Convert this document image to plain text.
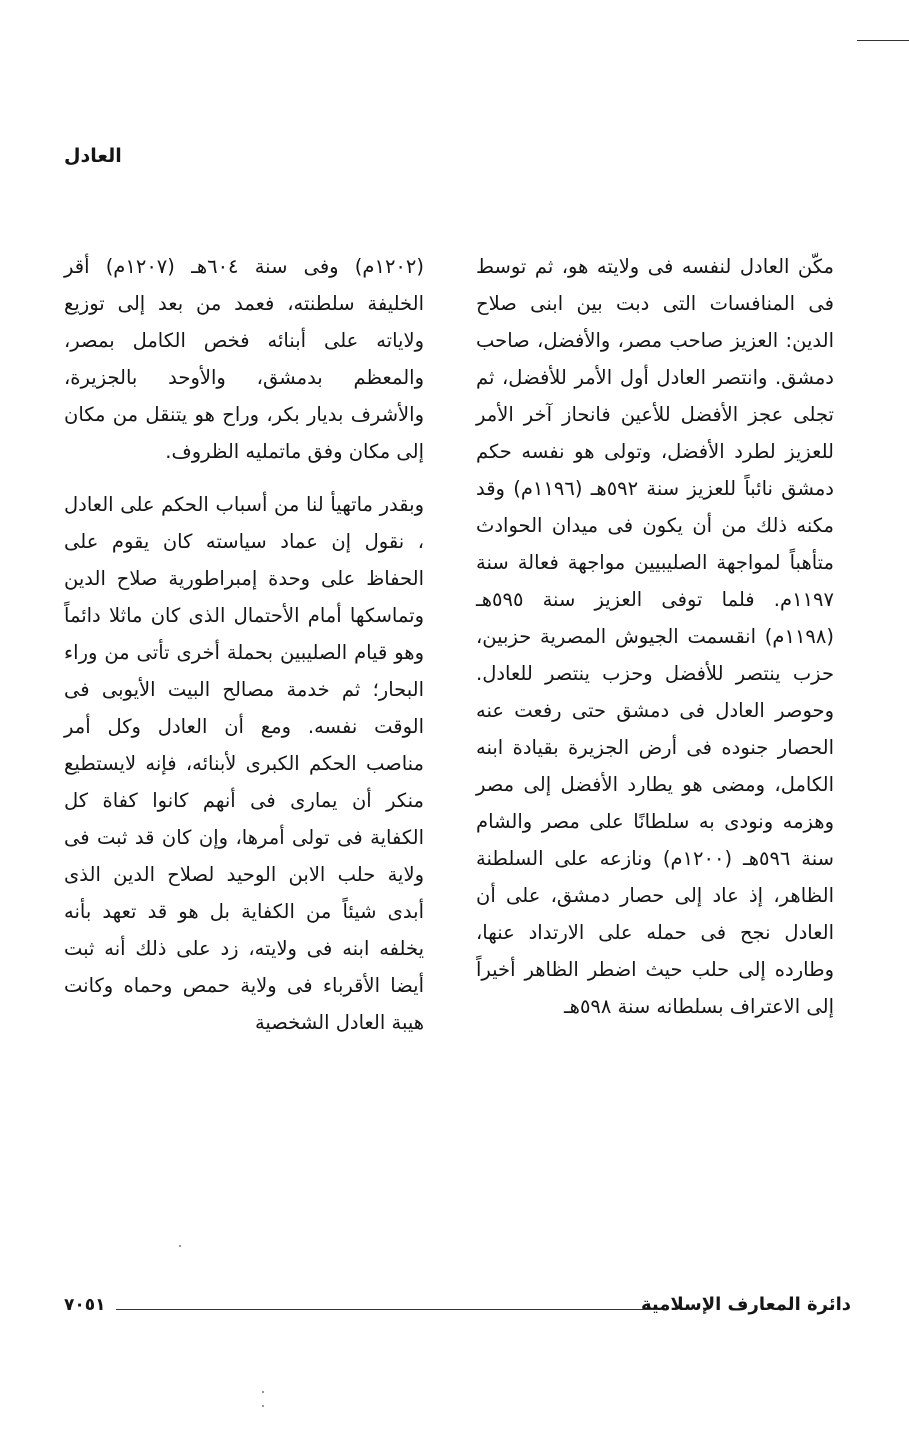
العادل

مكّن العادل لنفسه فى ولايته هو، ثم توسط فى المنافسات التى دبت بين ابنى صلاح الدين: العزيز صاحب مصر، والأفضل، صاحب دمشق. وانتصر العادل أول الأمر للأفضل، ثم تجلى عجز الأفضل للأعين فانحاز آخر الأمر للعزيز لطرد الأفضل، وتولى هو نفسه حكم دمشق نائباً للعزيز سنة ٥٩٢هـ (١١٩٦م) وقد مكنه ذلك من أن يكون فى ميدان الحوادث متأهباً لمواجهة الصليبيين مواجهة فعالة سنة ١١٩٧م. فلما توفى العزيز سنة ٥٩٥هـ (١١٩٨م) انقسمت الجيوش المصرية حزبين، حزب ينتصر للأفضل وحزب ينتصر للعادل. وحوصر العادل فى دمشق حتى رفعت عنه الحصار جنوده فى أرض الجزيرة بقيادة ابنه الكامل، ومضى هو يطارد الأفضل إلى مصر وهزمه ونودى به سلطانًا على مصر والشام سنة ٥٩٦هـ (١٢٠٠م) ونازعه على السلطنة الظاهر، إذ عاد إلى حصار دمشق، على أن العادل نجح فى حمله على الارتداد عنها، وطارده إلى حلب حيث اضطر الظاهر أخيراً إلى الاعتراف بسلطانه سنة ٥٩٨هـ

(١٢٠٢م) وفى سنة ٦٠٤هـ (١٢٠٧م) أقر الخليفة سلطنته، فعمد من بعد إلى توزيع ولاياته على أبنائه فخص الكامل بمصر، والمعظم بدمشق، والأوحد بالجزيرة، والأشرف بديار بكر، وراح هو يتنقل من مكان إلى مكان وفق ماتمليه الظروف.

وبقدر ماتهيأ لنا من أسباب الحكم على العادل ، نقول إن عماد سياسته كان يقوم على الحفاظ على وحدة إمبراطورية صلاح الدين وتماسكها أمام الأحتمال الذى كان ماثلا دائماً وهو قيام الصليبين بحملة أخرى تأتى من وراء البحار؛ ثم خدمة مصالح البيت الأيوبى فى الوقت نفسه. ومع أن العادل وكل أمر مناصب الحكم الكبرى لأبنائه، فإنه لايستطيع منكر أن يمارى فى أنهم كانوا كفاة كل الكفاية فى تولى أمرها، وإن كان قد ثبت فى ولاية حلب الابن الوحيد لصلاح الدين الذى أبدى شيئاً من الكفاية بل هو قد تعهد بأنه يخلفه ابنه فى ولايته، زد على ذلك أنه ثبت أيضا الأقرباء فى ولاية حمص وحماه وكانت هيبة العادل الشخصية

دائرة المعارف الإسلامية
٧٠٥١
